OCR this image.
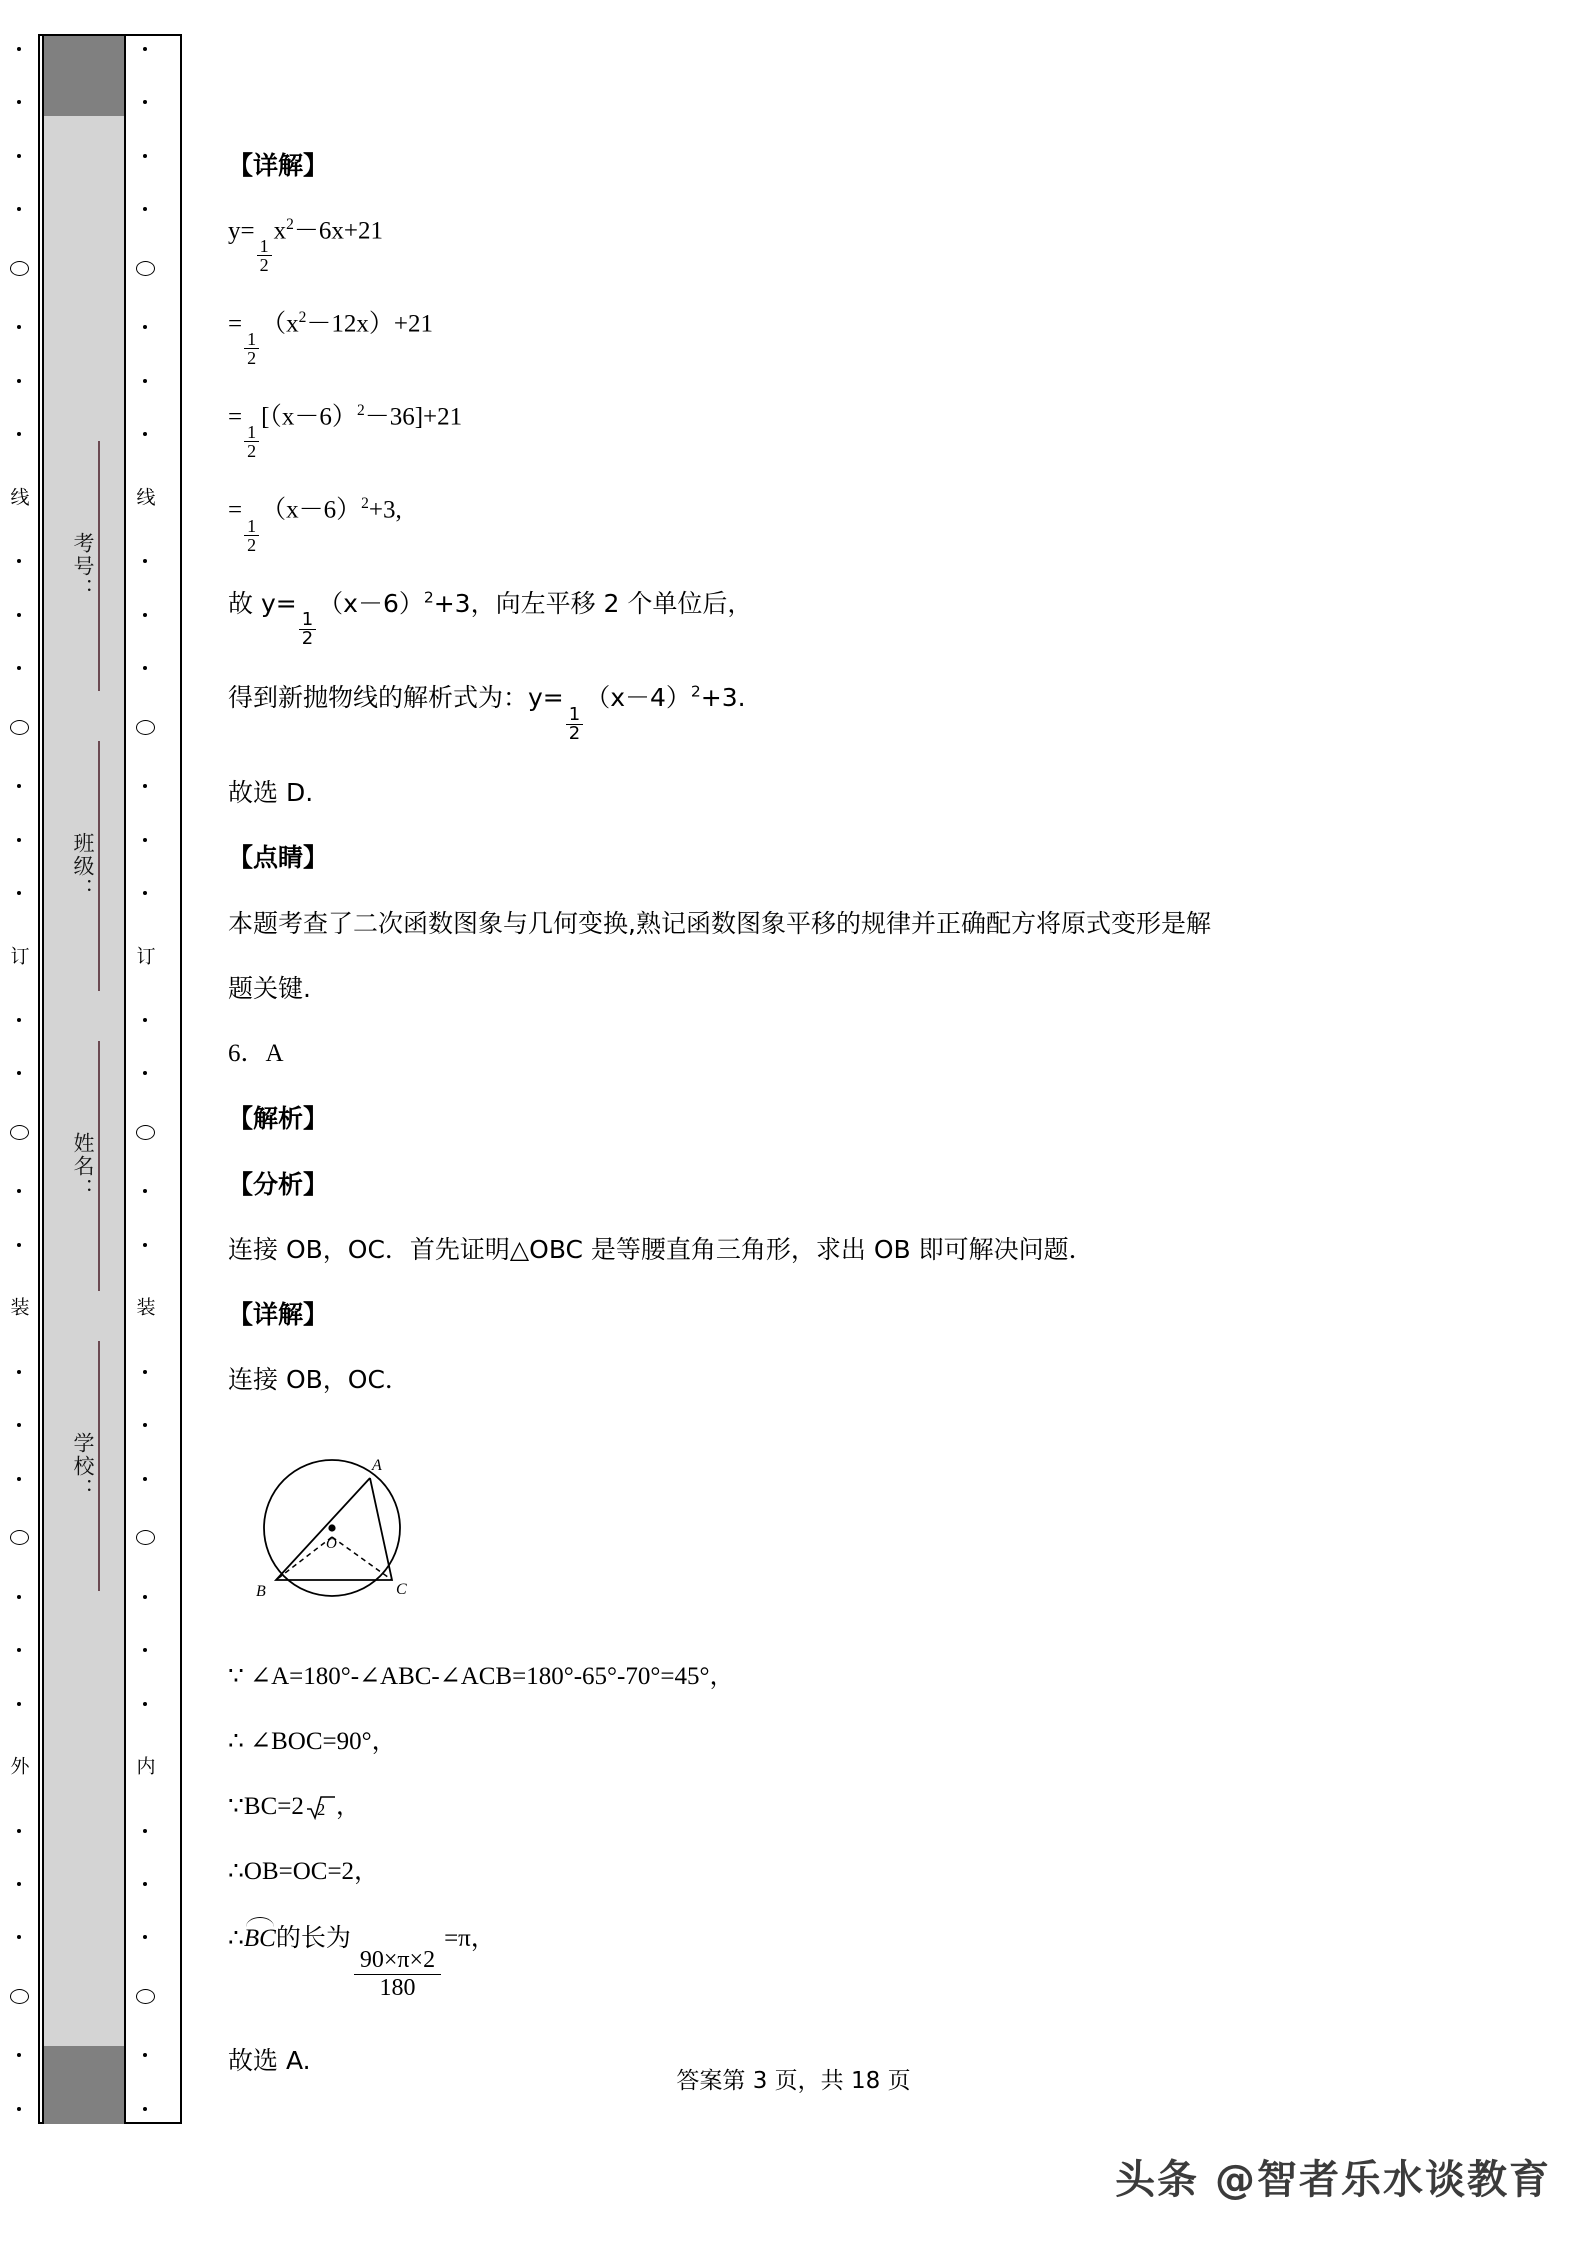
线
订
装
外
考号：
班级：
姓名：
学校：
线
订
装
内
【详解】
y=
$\frac{1}{2}$
$x^2-6x+21$
=
$\frac{1}{2}$
$(x^2-12x)+21$
=
$\frac{1}{2}$
$[(x-6)^2-36]+21$
=
$\frac{1}{2}$
$(x-6)^2+3$,
故 y=
$\frac{1}{2}$
$(x-6)^2+3$，向左平移 2 个单位后，
得到新抛物线的解析式为：y=
$\frac{1}{2}$
$(x-4)^2+3$.
故选 D.
【点睛】
本题考查了二次函数图象与几何变换,熟记函数图象平移的规律并正确配方将原式变形是解
题关键.
6．A
【解析】
【分析】
连接 OB，OC．首先证明△OBC 是等腰直角三角形，求出 OB 即可解决问题．
【详解】
连接 OB，OC．
A
B	C
O
∵ ∠A=180°-∠ABC-∠ACB=180°-65°-70°=45°，
∴ ∠BOC=90°，
∵BC=2 2 ，
∴OB=OC=2，
∴BC的长为
$\frac{90\times\pi\times 2}{180}$
=π，
故选 A.
答案第 3 页，共 18 页
头条 @智者乐水谈教育
